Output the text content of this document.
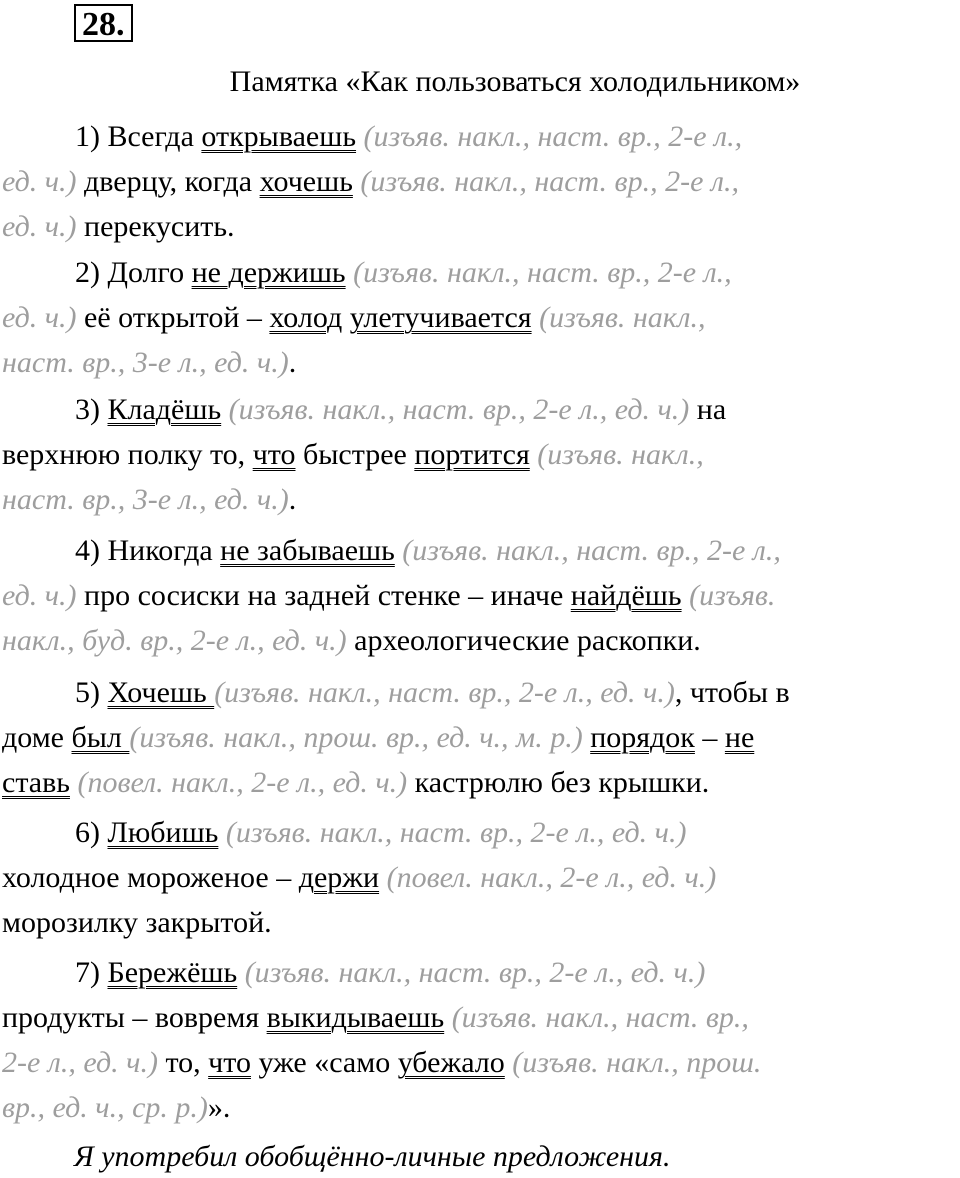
28.
Памятка «Как пользоваться холодильником»
1) Всегда открываешь (изъяв. накл., наст. вр., 2-е л.,
ед. ч.) дверцу, когда хочешь (изъяв. накл., наст. вр., 2-е л.,
ед. ч.) перекусить.
2) Долго не держишь (изъяв. накл., наст. вр., 2-е л.,
ед. ч.) её открытой – холод улетучивается (изъяв. накл.,
наст. вр., 3-е л., ед. ч.).
3) Кладёшь (изъяв. накл., наст. вр., 2-е л., ед. ч.) на
верхнюю полку то, что быстрее портится (изъяв. накл.,
наст. вр., 3-е л., ед. ч.).
4) Никогда не забываешь (изъяв. накл., наст. вр., 2-е л.,
ед. ч.) про сосиски на задней стенке – иначе найдёшь (изъяв.
накл., буд. вр., 2-е л., ед. ч.) археологические раскопки.
5) Хочешь (изъяв. накл., наст. вр., 2-е л., ед. ч.), чтобы в
доме был (изъяв. накл., прош. вр., ед. ч., м. р.) порядок – не
ставь (повел. накл., 2-е л., ед. ч.) кастрюлю без крышки.
6) Любишь (изъяв. накл., наст. вр., 2-е л., ед. ч.)
холодное мороженое – держи (повел. накл., 2-е л., ед. ч.)
морозилку закрытой.
7) Бережёшь (изъяв. накл., наст. вр., 2-е л., ед. ч.)
продукты – вовремя выкидываешь (изъяв. накл., наст. вр.,
2-е л., ед. ч.) то, что уже «само убежало (изъяв. накл., прош.
вр., ед. ч., ср. р.)».
Я употребил обобщённо-личные предложения.
